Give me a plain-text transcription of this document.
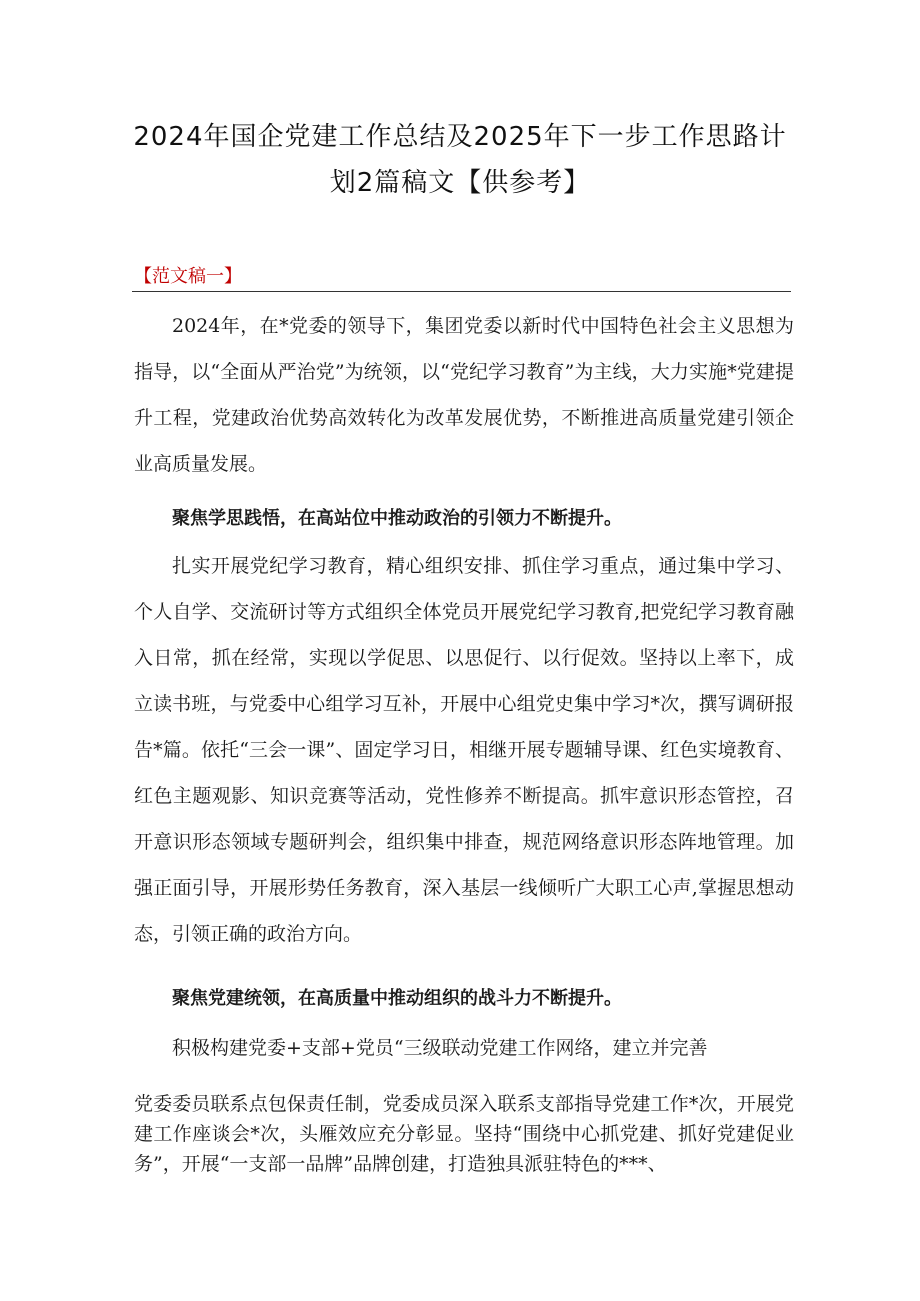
2024年国企党建工作总结及2025年下一步工作思路计
划2篇稿文【供参考】
【范文稿一】

2024年，在*党委的领导下，集团党委以新时代中国特色社会主义思想为指导，以“全面从严治党”为统领，以“党纪学习教育”为主线，大力实施*党建提升工程，党建政治优势高效转化为改革发展优势，不断推进高质量党建引领企业高质量发展。

聚焦学思践悟，在高站位中推动政治的引领力不断提升。

扎实开展党纪学习教育，精心组织安排、抓住学习重点，通过集中学习、个人自学、交流研讨等方式组织全体党员开展党纪学习教育,把党纪学习教育融入日常，抓在经常，实现以学促思、以思促行、以行促效。坚持以上率下，成立读书班，与党委中心组学习互补，开展中心组党史集中学习*次，撰写调研报告*篇。依托“三会一课”、固定学习日，相继开展专题辅导课、红色实境教育、红色主题观影、知识竞赛等活动，党性修养不断提高。抓牢意识形态管控，召开意识形态领域专题研判会，组织集中排查，规范网络意识形态阵地管理。加强正面引导，开展形势任务教育，深入基层一线倾听广大职工心声,掌握思想动态，引领正确的政治方向。

聚焦党建统领，在高质量中推动组织的战斗力不断提升。

积极构建党委+支部+党员“三级联动党建工作网络，建立并完善

党委委员联系点包保责任制，党委成员深入联系支部指导党建工作*次，开展党建工作座谈会*次，头雁效应充分彰显。坚持“围绕中心抓党建、抓好党建促业务”，开展“一支部一品牌”品牌创建，打造独具派驻特色的***、
